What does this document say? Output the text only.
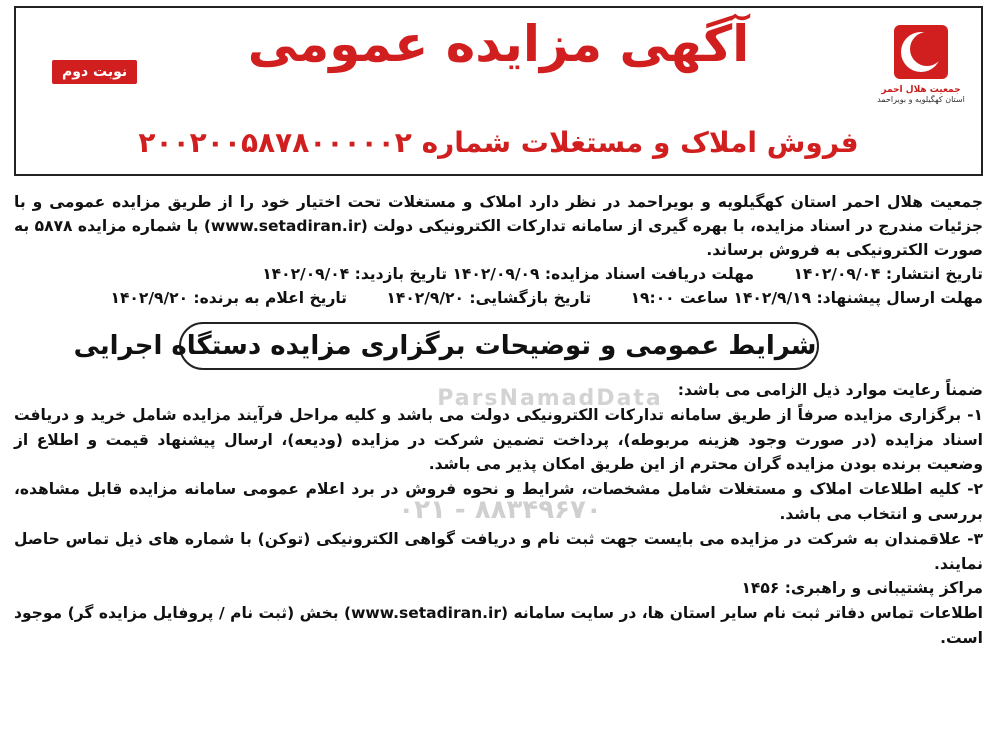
جمعیت هلال احمر
استان کهگیلویه و بویراحمد
نوبت دوم	آگهی مزایده عمومی
فروش املاک و مستغلات شماره ۲۰۰۲۰۰۵۸۷۸۰۰۰۰۰۲
جمعیت هلال احمر استان کهگیلویه و بویراحمد در نظر دارد املاک و مستغلات تحت اختیار خود را از طریق مزایده عمومی و با جزئیات مندرج در اسناد مزایده، با بهره گیری از سامانه تدارکات الکترونیکی دولت (www.setadiran.ir) با شماره مزایده ۵۸۷۸ به صورت الکترونیکی به فروش برساند.
تاریخ انتشار: ۱۴۰۲/۰۹/۰۴ مهلت دریافت اسناد مزایده: ۱۴۰۲/۰۹/۰۹ تاریخ بازدید: ۱۴۰۲/۰۹/۰۴
مهلت ارسال پیشنهاد: ۱۴۰۲/۹/۱۹ ساعت ۱۹:۰۰ تاریخ بازگشایی: ۱۴۰۲/۹/۲۰ تاریخ اعلام به برنده: ۱۴۰۲/۹/۲۰
شرایط عمومی و توضیحات برگزاری مزایده دستگاه اجرایی

ضمناً رعایت موارد ذیل الزامی می باشد:

۱- برگزاری مزایده صرفاً از طریق سامانه تدارکات الکترونیکی دولت می باشد و کلیه مراحل فرآیند مزایده شامل خرید و دریافت اسناد مزایده (در صورت وجود هزینه مربوطه)، پرداخت تضمین شرکت در مزایده (ودیعه)، ارسال پیشنهاد قیمت و اطلاع از وضعیت برنده بودن مزایده گران محترم از این طریق امکان پذیر می باشد.

۲- کلیه اطلاعات املاک و مستغلات شامل مشخصات، شرایط و نحوه فروش در برد اعلام عمومی سامانه مزایده قابل مشاهده، بررسی و انتخاب می باشد.

۳- علاقمندان به شرکت در مزایده می بایست جهت ثبت نام و دریافت گواهی الکترونیکی (توکن) با شماره های ذیل تماس حاصل نمایند.

مراکز پشتیبانی و راهبری: ۱۴۵۶

اطلاعات تماس دفاتر ثبت نام سایر استان ها، در سایت سامانه (www.setadiran.ir) بخش (ثبت نام / پروفایل مزایده گر) موجود است.

ParsNamadData
۰۲۱ - ۸۸۳۴۹۶۷۰
